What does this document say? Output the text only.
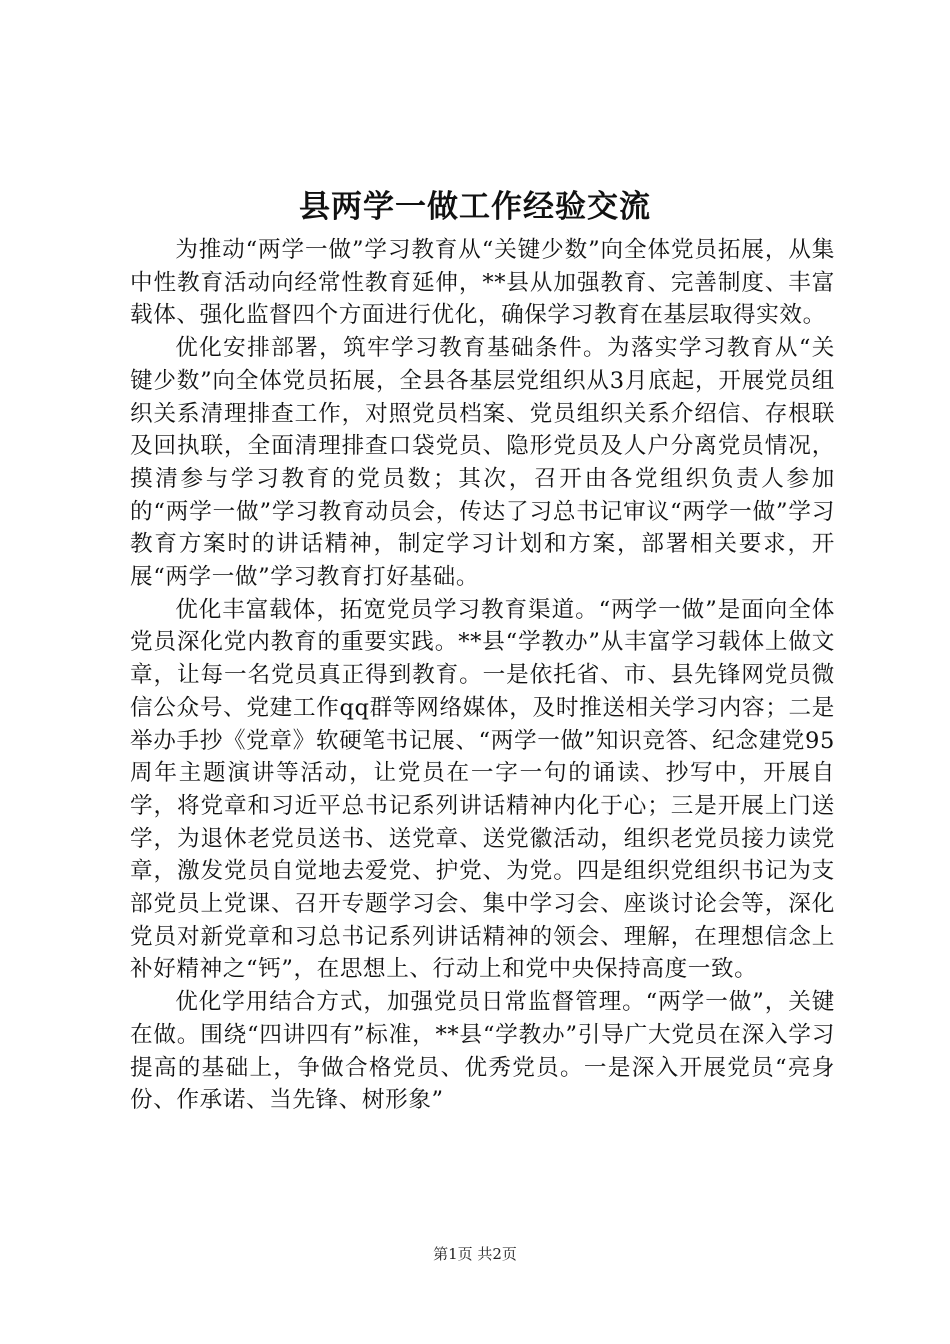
县两学一做工作经验交流

为推动“两学一做”学习教育从“关键少数”向全体党员拓展，从集中性教育活动向经常性教育延伸，**县从加强教育、完善制度、丰富载体、强化监督四个方面进行优化，确保学习教育在基层取得实效。

优化安排部署，筑牢学习教育基础条件。为落实学习教育从“关键少数”向全体党员拓展，全县各基层党组织从3月底起，开展党员组织关系清理排查工作，对照党员档案、党员组织关系介绍信、存根联及回执联，全面清理排查口袋党员、隐形党员及人户分离党员情况，摸清参与学习教育的党员数；其次，召开由各党组织负责人参加的“两学一做”学习教育动员会，传达了习总书记审议“两学一做”学习教育方案时的讲话精神，制定学习计划和方案，部署相关要求，开展“两学一做”学习教育打好基础。

优化丰富载体，拓宽党员学习教育渠道。“两学一做”是面向全体党员深化党内教育的重要实践。**县“学教办”从丰富学习载体上做文章，让每一名党员真正得到教育。一是依托省、市、县先锋网党员微信公众号、党建工作qq群等网络媒体，及时推送相关学习内容；二是举办手抄《党章》软硬笔书记展、“两学一做”知识竞答、纪念建党95周年主题演讲等活动，让党员在一字一句的诵读、抄写中，开展自学，将党章和习近平总书记系列讲话精神内化于心；三是开展上门送学，为退休老党员送书、送党章、送党徽活动，组织老党员接力读党章，激发党员自觉地去爱党、护党、为党。四是组织党组织书记为支部党员上党课、召开专题学习会、集中学习会、座谈讨论会等，深化党员对新党章和习总书记系列讲话精神的领会、理解，在理想信念上补好精神之“钙”，在思想上、行动上和党中央保持高度一致。

优化学用结合方式，加强党员日常监督管理。“两学一做”，关键在做。围绕“四讲四有”标准，**县“学教办”引导广大党员在深入学习提高的基础上，争做合格党员、优秀党员。一是深入开展党员“亮身份、作承诺、当先锋、树形象”

第1页 共2页
